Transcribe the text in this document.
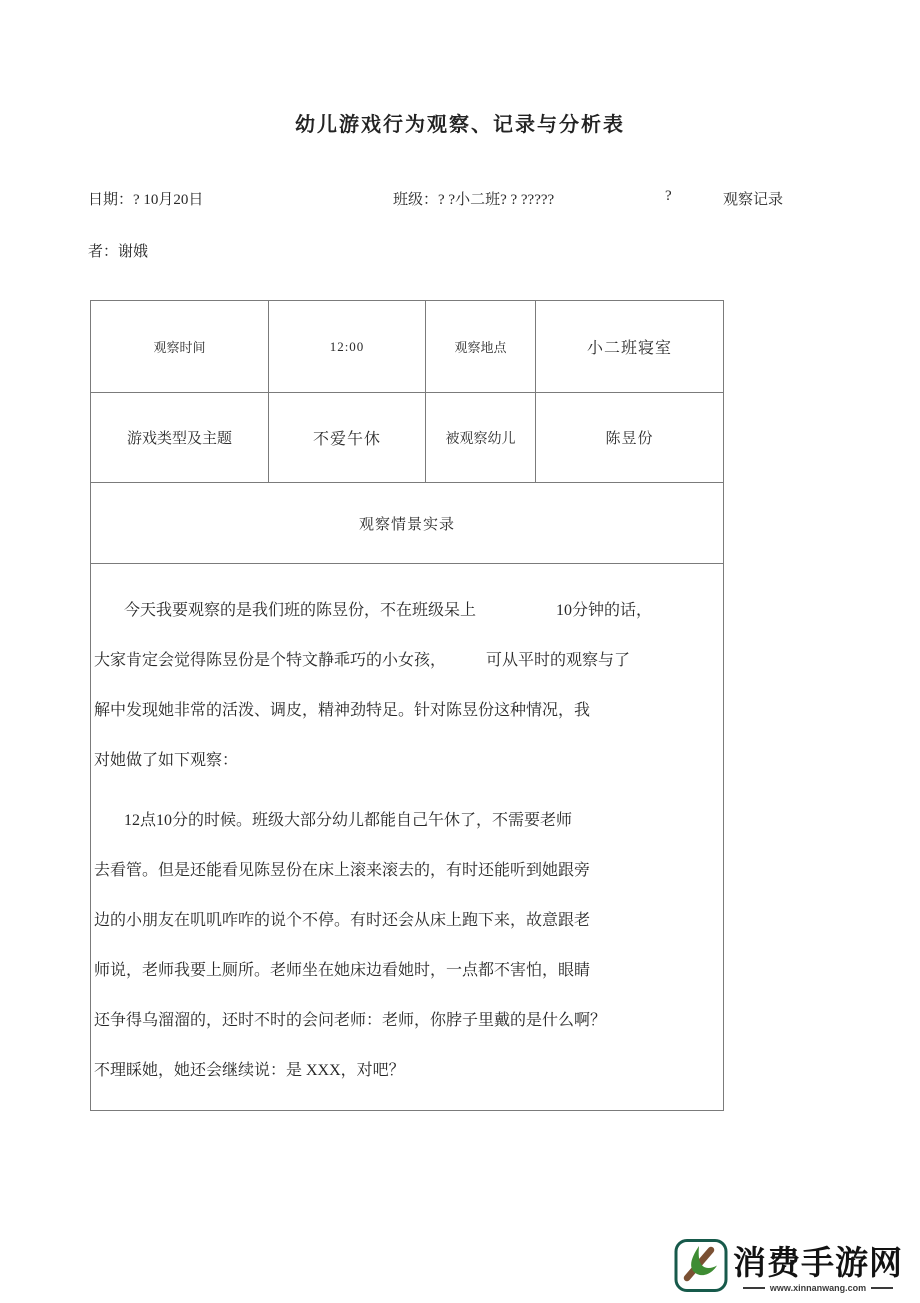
幼儿游戏行为观察、记录与分析表
日期：? 10月20日	班级：? ?小二班? ? ?????	?	观察记录
者：谢娥
观察时间	12:00	观察地点	小二班寝室
游戏类型及主题	不爱午休	被观察幼儿	陈昱份
观察情景实录			

今天我要观察的是我们班的陈昱份，不在班级呆上　　　　　10分钟的话，
大家肯定会觉得陈昱份是个特文静乖巧的小女孩，　　　可从平时的观察与了
解中发现她非常的活泼、调皮，精神劲特足。针对陈昱份这种情况，我
对她做了如下观察：
12点10分的时候。班级大部分幼儿都能自己午休了，不需要老师
去看管。但是还能看见陈昱份在床上滚来滚去的，有时还能听到她跟旁
边的小朋友在叽叽咋咋的说个不停。有时还会从床上跑下来，故意跟老
师说，老师我要上厕所。老师坐在她床边看她时，一点都不害怕，眼睛
还争得乌溜溜的，还时不时的会问老师：老师，你脖子里戴的是什么啊？
不理睬她，她还会继续说：是 XXX，对吧？
消费手游网
www.xinnanwang.com
